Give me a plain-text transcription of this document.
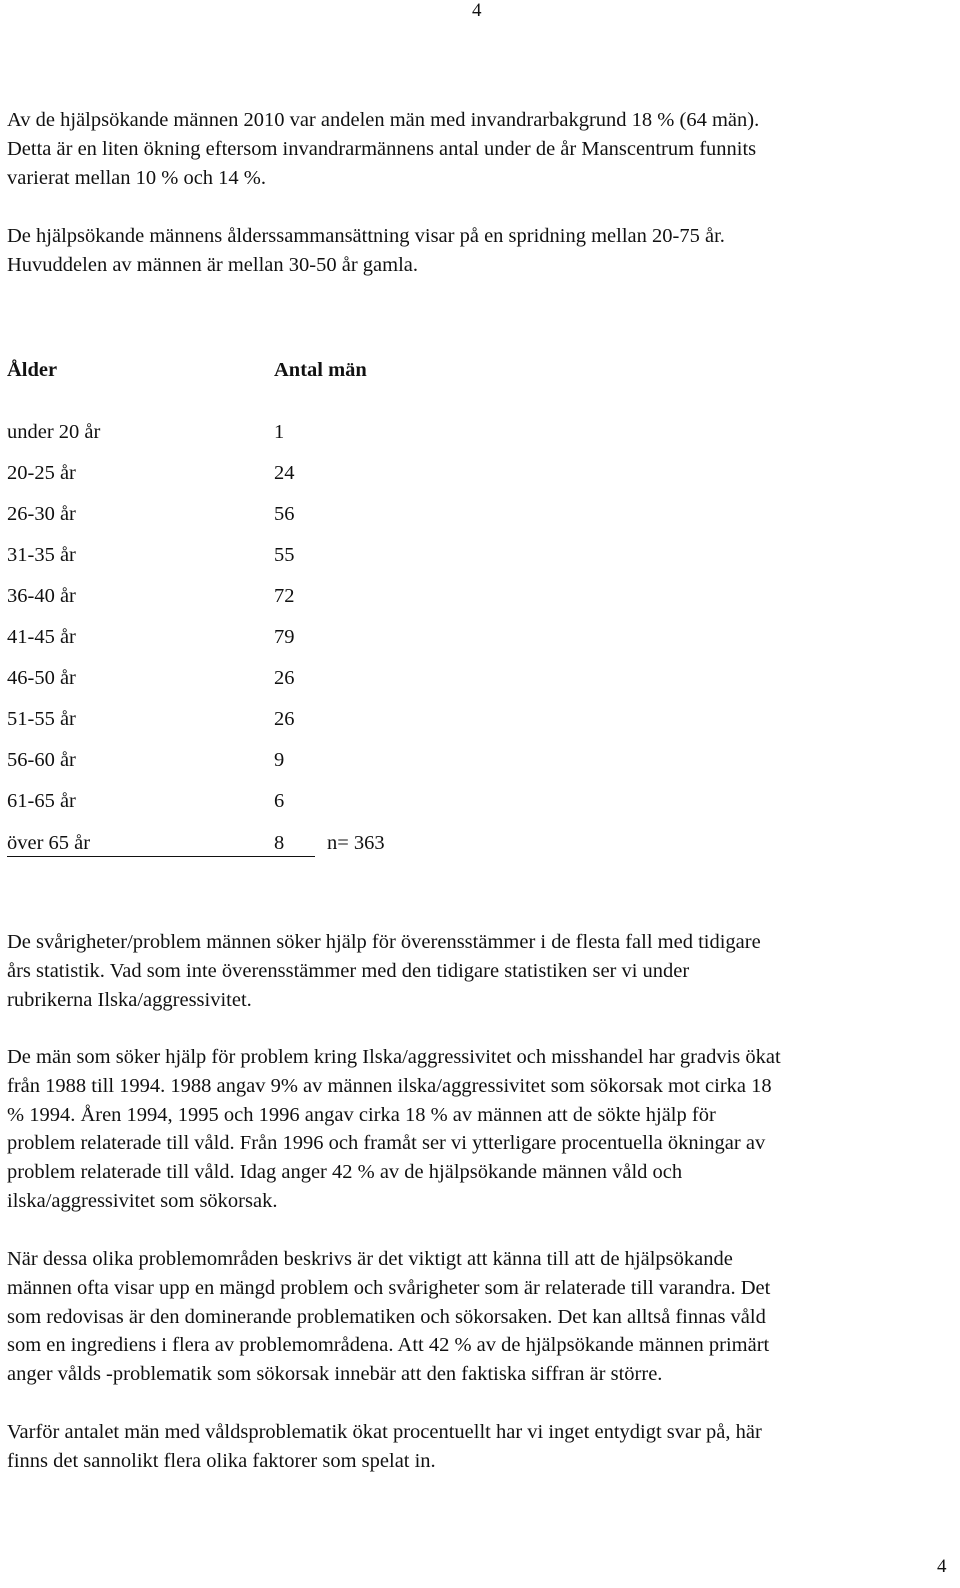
4

Av de hjälpsökande männen 2010 var andelen män med invandrarbakgrund 18 % (64 män).
Detta är en liten ökning eftersom invandrarmännens antal under de år Manscentrum funnits
varierat mellan 10 % och 14 %.

De hjälpsökande männens ålderssammansättning visar på en spridning mellan 20-75 år.
Huvuddelen av männen är mellan 30-50 år gamla.

Ålder	Antal män
under 20 år	1
20-25 år	24
26-30 år	56
31-35 år	55
36-40 år	72
41-45 år	79
46-50 år	26
51-55 år	26
56-60 år	9
61-65 år	6
över 65 år	8 n= 363

De svårigheter/problem männen söker hjälp för överensstämmer i de flesta fall med tidigare
års statistik. Vad som inte överensstämmer med den tidigare statistiken ser vi under
rubrikerna Ilska/aggressivitet.

De män som söker hjälp för problem kring Ilska/aggressivitet och misshandel har gradvis ökat
från 1988 till 1994. 1988 angav 9% av männen ilska/aggressivitet som sökorsak mot cirka 18
% 1994. Åren 1994, 1995 och 1996 angav cirka 18 % av männen att de sökte hjälp för
problem relaterade till våld. Från 1996 och framåt ser vi ytterligare procentuella ökningar av
problem relaterade till våld. Idag anger 42 % av de hjälpsökande männen våld och
ilska/aggressivitet som sökorsak.

När dessa olika problemområden beskrivs är det viktigt att känna till att de hjälpsökande
männen ofta visar upp en mängd problem och svårigheter som är relaterade till varandra. Det
som redovisas är den dominerande problematiken och sökorsaken. Det kan alltså finnas våld
som en ingrediens i flera av problemområdena. Att 42 % av de hjälpsökande männen primärt
anger vålds -problematik som sökorsak innebär att den faktiska siffran är större.

Varför antalet män med våldsproblematik ökat procentuellt har vi inget entydigt svar på, här
finns det sannolikt flera olika faktorer som spelat in.

4
